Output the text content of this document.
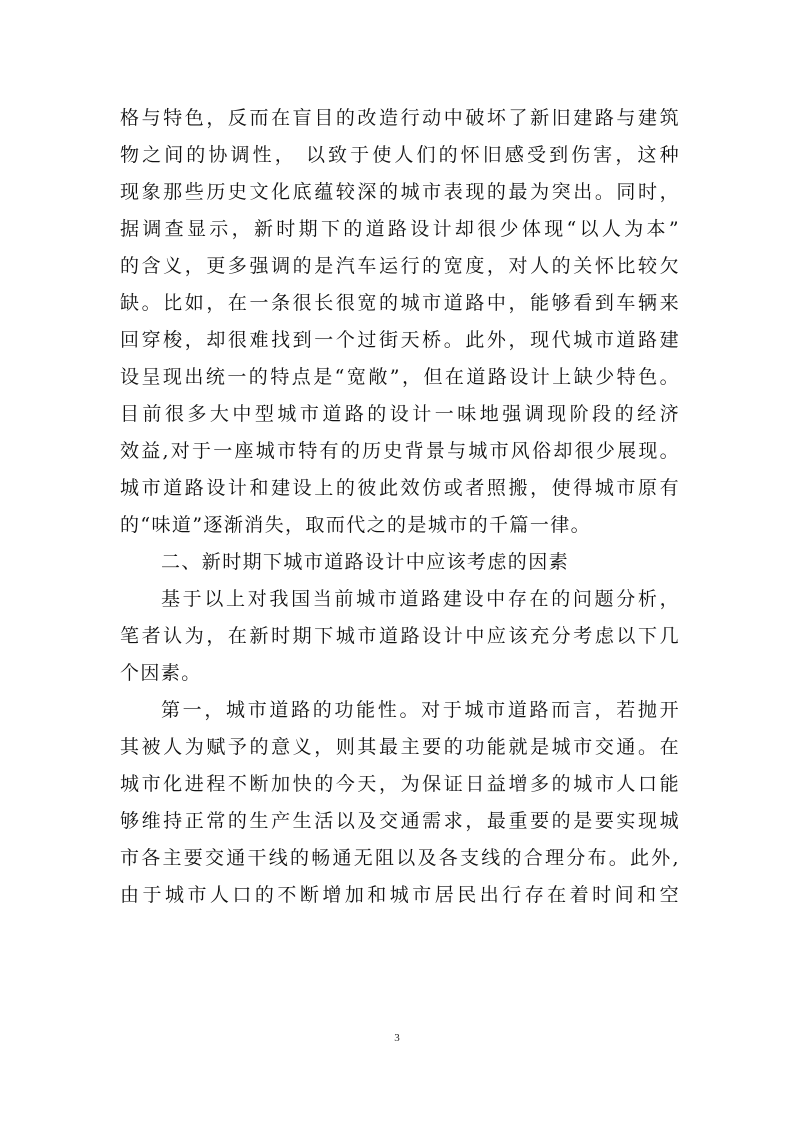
格与特色，反而在盲目的改造行动中破坏了新旧建路与建筑
物之间的协调性， 以致于使人们的怀旧感受到伤害，这种
现象那些历史文化底蕴较深的城市表现的最为突出。同时，
据调查显示，新时期下的道路设计却很少体现“以人为本”
的含义，更多强调的是汽车运行的宽度，对人的关怀比较欠
缺。比如，在一条很长很宽的城市道路中，能够看到车辆来
回穿梭，却很难找到一个过街天桥。此外，现代城市道路建
设呈现出统一的特点是“宽敞”，但在道路设计上缺少特色。
目前很多大中型城市道路的设计一味地强调现阶段的经济
效益,对于一座城市特有的历史背景与城市风俗却很少展现。
城市道路设计和建设上的彼此效仿或者照搬，使得城市原有
的“味道”逐渐消失，取而代之的是城市的千篇一律。
二、新时期下城市道路设计中应该考虑的因素
基于以上对我国当前城市道路建设中存在的问题分析，
笔者认为，在新时期下城市道路设计中应该充分考虑以下几
个因素。
第一，城市道路的功能性。对于城市道路而言，若抛开
其被人为赋予的意义，则其最主要的功能就是城市交通。在
城市化进程不断加快的今天，为保证日益增多的城市人口能
够维持正常的生产生活以及交通需求，最重要的是要实现城
市各主要交通干线的畅通无阻以及各支线的合理分布。此外,
由于城市人口的不断增加和城市居民出行存在着时间和空
3
